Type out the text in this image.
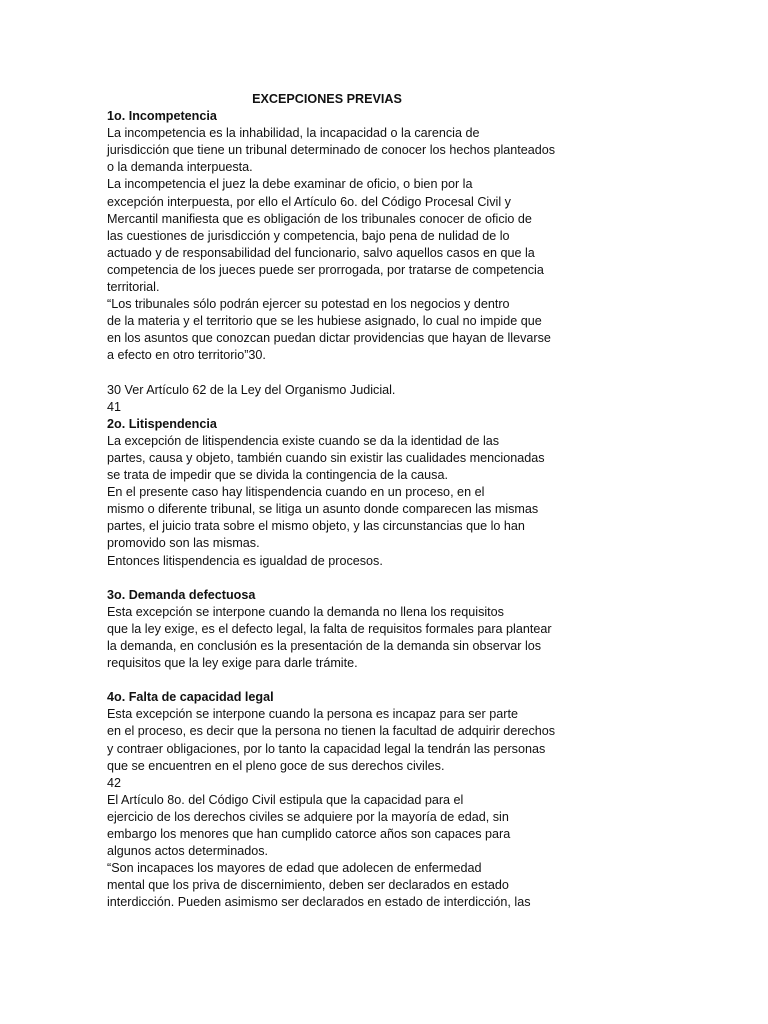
EXCEPCIONES PREVIAS
1o. Incompetencia
La incompetencia es la inhabilidad, la incapacidad o la carencia de
jurisdicción que tiene un tribunal determinado de conocer los hechos planteados
o la demanda interpuesta.
La incompetencia el juez la debe examinar de oficio, o bien por la
excepción interpuesta, por ello el Artículo 6o. del Código Procesal Civil y
Mercantil manifiesta que es obligación de los tribunales conocer de oficio de
las cuestiones de jurisdicción y competencia, bajo pena de nulidad de lo
actuado y de responsabilidad del funcionario, salvo aquellos casos en que la
competencia de los jueces puede ser prorrogada, por tratarse de competencia
territorial.
“Los tribunales sólo podrán ejercer su potestad en los negocios y dentro
de la materia y el territorio que se les hubiese asignado, lo cual no impide que
en los asuntos que conozcan puedan dictar providencias que hayan de llevarse
a efecto en otro territorio”30.
30 Ver Artículo 62 de la Ley del Organismo Judicial.
41
2o. Litispendencia
La excepción de litispendencia existe cuando se da la identidad de las
partes, causa y objeto, también cuando sin existir las cualidades mencionadas
se trata de impedir que se divida la contingencia de la causa.
En el presente caso hay litispendencia cuando en un proceso, en el
mismo o diferente tribunal, se litiga un asunto donde comparecen las mismas
partes, el juicio trata sobre el mismo objeto, y las circunstancias que lo han
promovido son las mismas.
Entonces litispendencia es igualdad de procesos.
3o. Demanda defectuosa
Esta excepción se interpone cuando la demanda no llena los requisitos
que la ley exige, es el defecto legal, la falta de requisitos formales para plantear
la demanda, en conclusión es la presentación de la demanda sin observar los
requisitos que la ley exige para darle trámite.
4o. Falta de capacidad legal
Esta excepción se interpone cuando la persona es incapaz para ser parte
en el proceso, es decir que la persona no tienen la facultad de adquirir derechos
y contraer obligaciones, por lo tanto la capacidad legal la tendrán las personas
que se encuentren en el pleno goce de sus derechos civiles.
42
El Artículo 8o. del Código Civil estipula que la capacidad para el
ejercicio de los derechos civiles se adquiere por la mayoría de edad, sin
embargo los menores que han cumplido catorce años son capaces para
algunos actos determinados.
“Son incapaces los mayores de edad que adolecen de enfermedad
mental que los priva de discernimiento, deben ser declarados en estado
interdicción. Pueden asimismo ser declarados en estado de interdicción, las
